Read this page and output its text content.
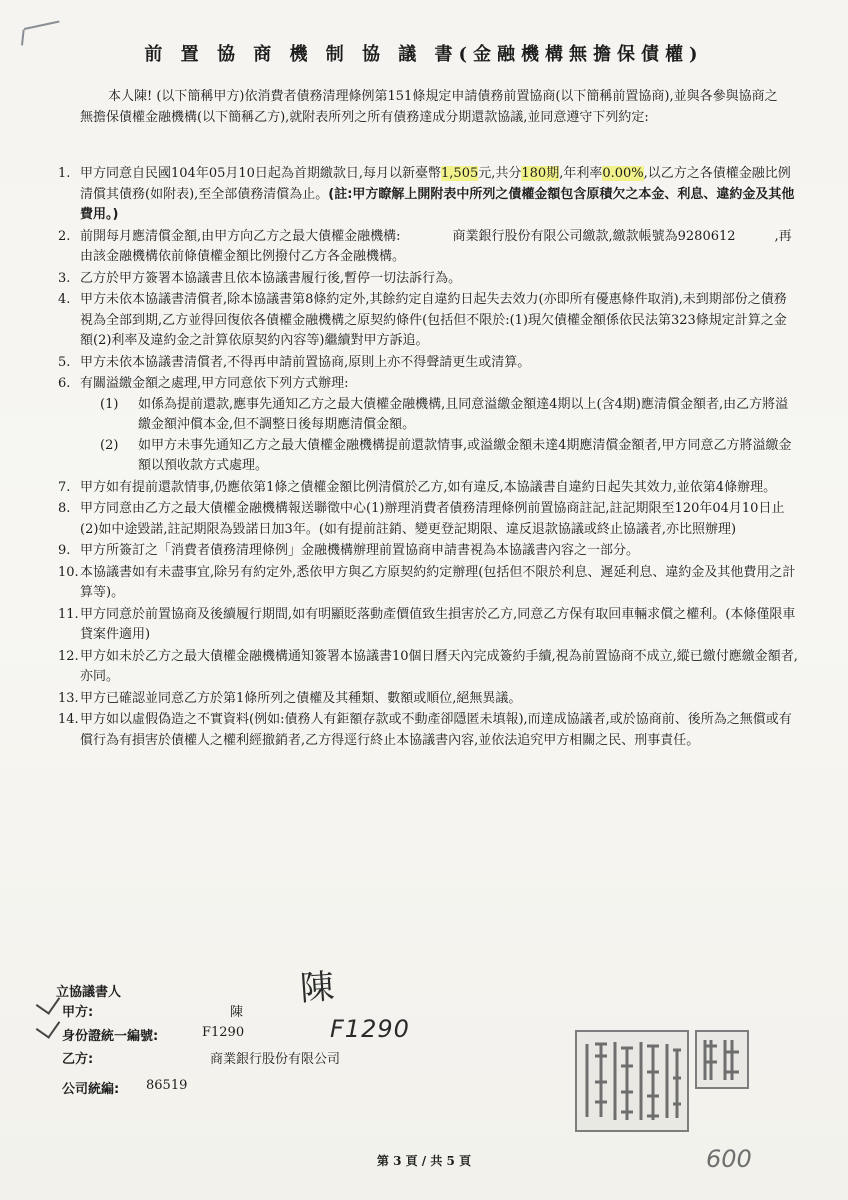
前 置 協 商 機 制 協 議 書(金融機構無擔保債權)
本人陳! (以下簡稱甲方)依消費者債務清理條例第151條規定申請債務前置協商(以下簡稱前置協商),並與各參與協商之無擔保債權金融機構(以下簡稱乙方),就附表所列之所有債務達成分期還款協議,並同意遵守下列約定:
1. 甲方同意自民國104年05月10日起為首期繳款日,每月以新臺幣1,505元,共分180期,年利率0.00%,以乙方之各債權金融比例清償其債務(如附表),至全部債務清償為止。(註:甲方瞭解上開附表中所列之債權金額包含原積欠之本金、利息、違約金及其他費用。)
2. 前開每月應清償金額,由甲方向乙方之最大債權金融機構:　　　　商業銀行股份有限公司繳款,繳款帳號為9280612　　　,再由該金融機構依前條債權金額比例撥付乙方各金融機構。
3. 乙方於甲方簽署本協議書且依本協議書履行後,暫停一切法訴行為。
4. 甲方未依本協議書清償者,除本協議書第8條約定外,其餘約定自違約日起失去效力(亦即所有優惠條件取消),未到期部份之債務視為全部到期,乙方並得回復依各債權金融機構之原契約條件(包括但不限於:(1)現欠債權金額係依民法第323條規定計算之金額(2)利率及違約金之計算依原契約內容等)繼續對甲方訴追。
5. 甲方未依本協議書清償者,不得再申請前置協商,原則上亦不得聲請更生或清算。
6. 有關溢繳金額之處理,甲方同意依下列方式辦理:
(1)	如係為提前還款,應事先通知乙方之最大債權金融機構,且同意溢繳金額達4期以上(含4期)應清償金額者,由乙方將溢繳金額沖償本金,但不調整日後每期應清償金額。
(2)	如甲方未事先通知乙方之最大債權金融機構提前還款情事,或溢繳金額未達4期應清償金額者,甲方同意乙方將溢繳金額以預收款方式處理。
7. 甲方如有提前還款情事,仍應依第1條之債權金額比例清償於乙方,如有違反,本協議書自違約日起失其效力,並依第4條辦理。
8. 甲方同意由乙方之最大債權金融機構報送聯徵中心(1)辦理消費者債務清理條例前置協商註記,註記期限至120年04月10日止(2)如中途毀諾,註記期限為毀諾日加3年。(如有提前註銷、變更登記期限、違反退款協議或終止協議者,亦比照辦理)
9. 甲方所簽訂之「消費者債務清理條例」金融機構辦理前置協商申請書視為本協議書內容之一部分。
10. 本協議書如有未盡事宜,除另有約定外,悉依甲方與乙方原契約約定辦理(包括但不限於利息、遲延利息、違約金及其他費用之計算等)。
11. 甲方同意於前置協商及後續履行期間,如有明顯貶落動產價值致生損害於乙方,同意乙方保有取回車輛求償之權利。(本條僅限車貸案件適用)
12. 甲方如未於乙方之最大債權金融機構通知簽署本協議書10個日曆天內完成簽約手續,視為前置協商不成立,縱已繳付應繳金額者,亦同。
13. 甲方已確認並同意乙方於第1條所列之債權及其種類、數額或順位,絕無異議。
14. 甲方如以虛假偽造之不實資料(例如:債務人有鉅額存款或不動產卻隱匿未填報),而達成協議者,或於協商前、後所為之無償或有償行為有損害於債權人之權利經撤銷者,乙方得逕行終止本協議書內容,並依法追究甲方相關之民、刑事責任。
立協議書人
甲方:	陳
身份證統一編號:	F1290
乙方:	商業銀行股份有限公司
公司統編: 86519
陳
F1290
第 3 頁 / 共 5 頁	600
